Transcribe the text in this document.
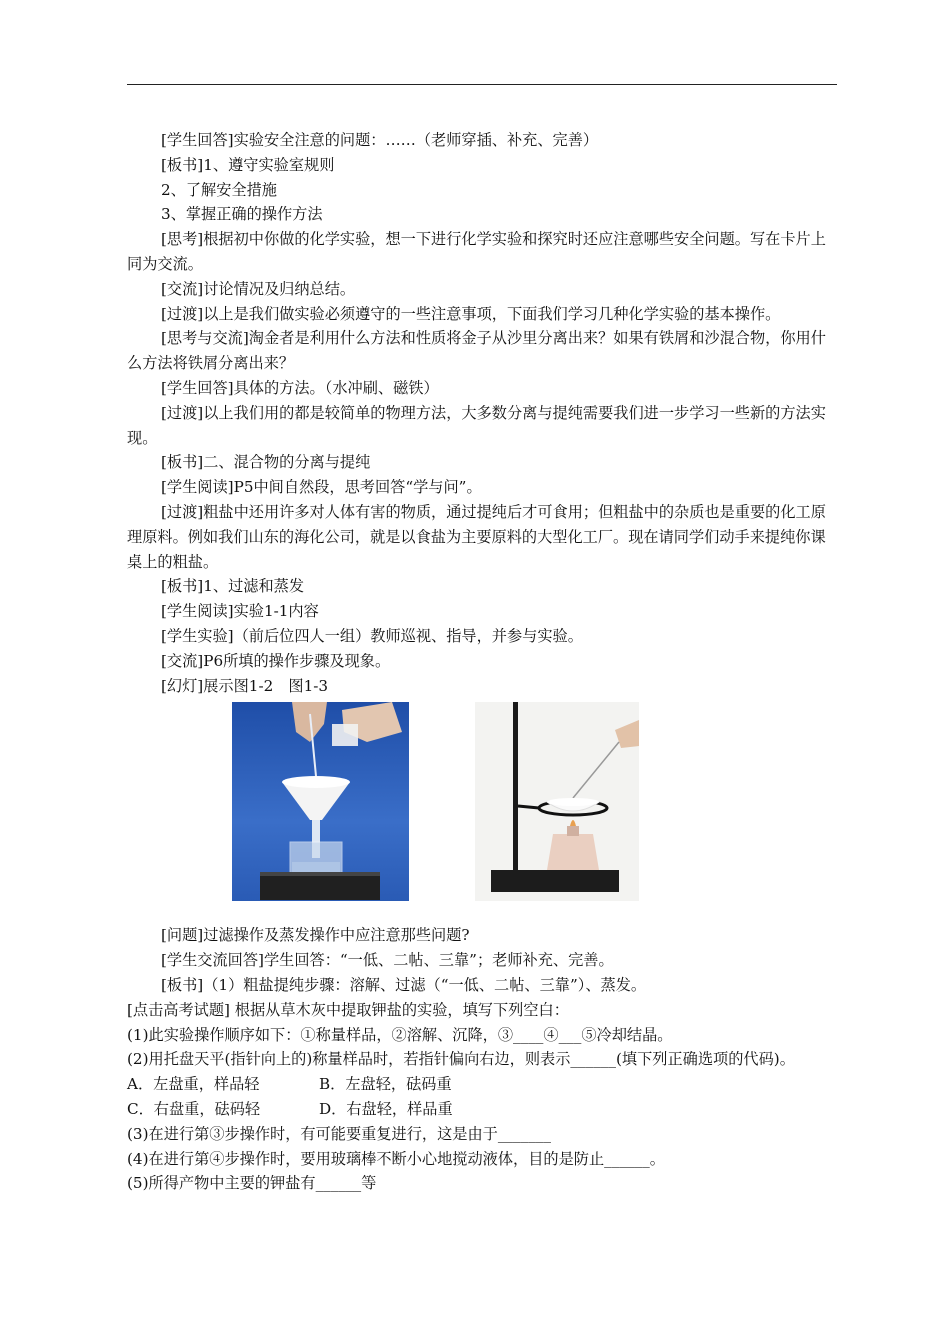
[学生回答]实验安全注意的问题：……（老师穿插、补充、完善）

[板书]1、遵守实验室规则

2、了解安全措施

3、掌握正确的操作方法

[思考]根据初中你做的化学实验，想一下进行化学实验和探究时还应注意哪些安全问题。写在卡片上同为交流。

[交流]讨论情况及归纳总结。

[过渡]以上是我们做实验必须遵守的一些注意事项，下面我们学习几种化学实验的基本操作。

[思考与交流]淘金者是利用什么方法和性质将金子从沙里分离出来？如果有铁屑和沙混合物，你用什么方法将铁屑分离出来？

[学生回答]具体的方法。（水冲刷、磁铁）

[过渡]以上我们用的都是较简单的物理方法，大多数分离与提纯需要我们进一步学习一些新的方法实现。

[板书]二、混合物的分离与提纯

[学生阅读]P5中间自然段，思考回答“学与问”。

[过渡]粗盐中还用许多对人体有害的物质，通过提纯后才可食用；但粗盐中的杂质也是重要的化工原理原料。例如我们山东的海化公司，就是以食盐为主要原料的大型化工厂。现在请同学们动手来提纯你课桌上的粗盐。

[板书]1、过滤和蒸发

[学生阅读]实验1-1内容

[学生实验]（前后位四人一组）教师巡视、指导，并参与实验。

[交流]P6所填的操作步骤及现象。

[幻灯]展示图1-2　图1-3

[问题]过滤操作及蒸发操作中应注意那些问题?

[学生交流回答]学生回答：“一低、二帖、三靠”；老师补充、完善。

[板书]（1）粗盐提纯步骤：溶解、过滤（“一低、二帖、三靠”）、蒸发。

[点击高考试题] 根据从草木灰中提取钾盐的实验，填写下列空白：

(1)此实验操作顺序如下：①称量样品，②溶解、沉降，③____④___⑤冷却结晶。

(2)用托盘天平(指针向上的)称量样品时，若指针偏向右边，则表示______(填下列正确选项的代码)。

A．左盘重，样品轻	B．左盘轻，砝码重
C．右盘重，砝码轻	D．右盘轻，样品重

(3)在进行第③步操作时，有可能要重复进行，这是由于_______

(4)在进行第④步操作时，要用玻璃棒不断小心地搅动液体，目的是防止______。

(5)所得产物中主要的钾盐有______等
